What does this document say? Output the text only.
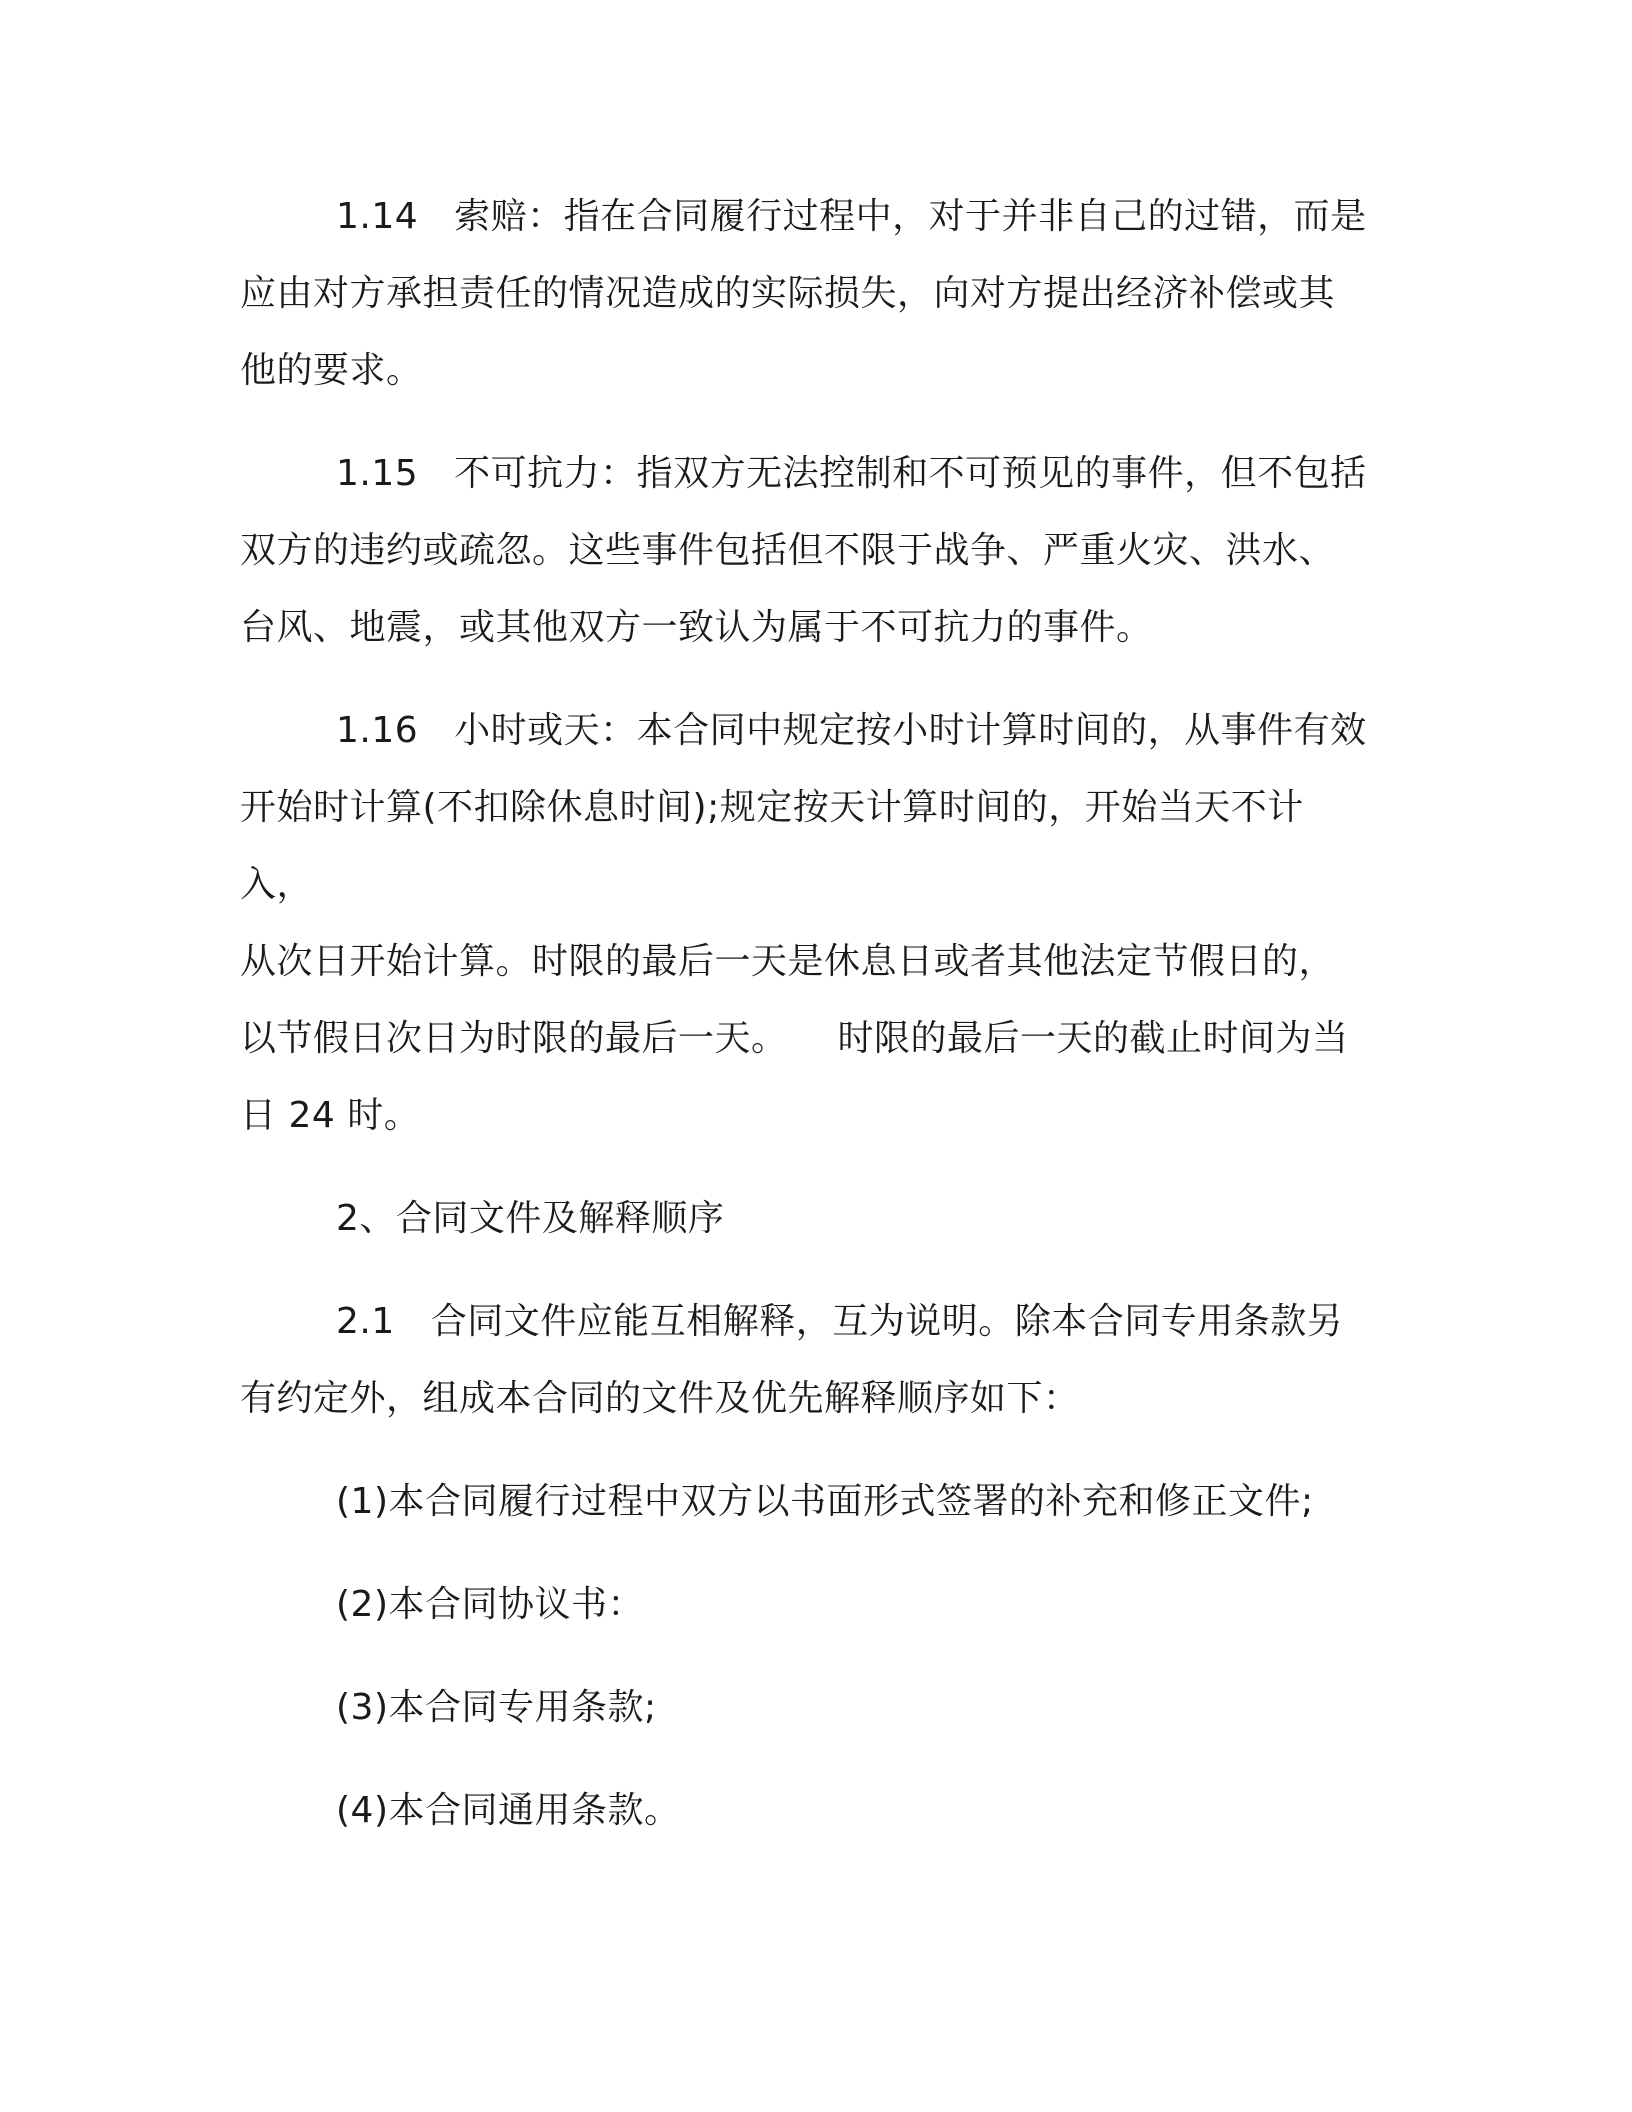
1.14 索赔：指在合同履行过程中，对于并非自己的过错，而是
应由对方承担责任的情况造成的实际损失，向对方提出经济补偿或其
他的要求。

1.15 不可抗力：指双方无法控制和不可预见的事件，但不包括
双方的违约或疏忽。这些事件包括但不限于战争、严重火灾、洪水、
台风、地震，或其他双方一致认为属于不可抗力的事件。

1.16 小时或天：本合同中规定按小时计算时间的，从事件有效
开始时计算(不扣除休息时间);规定按天计算时间的，开始当天不计入，
从次日开始计算。时限的最后一天是休息日或者其他法定节假日的，
以节假日次日为时限的最后一天。 时限的最后一天的截止时间为当
日 24 时。

2、合同文件及解释顺序

2.1 合同文件应能互相解释，互为说明。除本合同专用条款另
有约定外，组成本合同的文件及优先解释顺序如下：

(1)本合同履行过程中双方以书面形式签署的补充和修正文件;

(2)本合同协议书：

(3)本合同专用条款;

(4)本合同通用条款。
